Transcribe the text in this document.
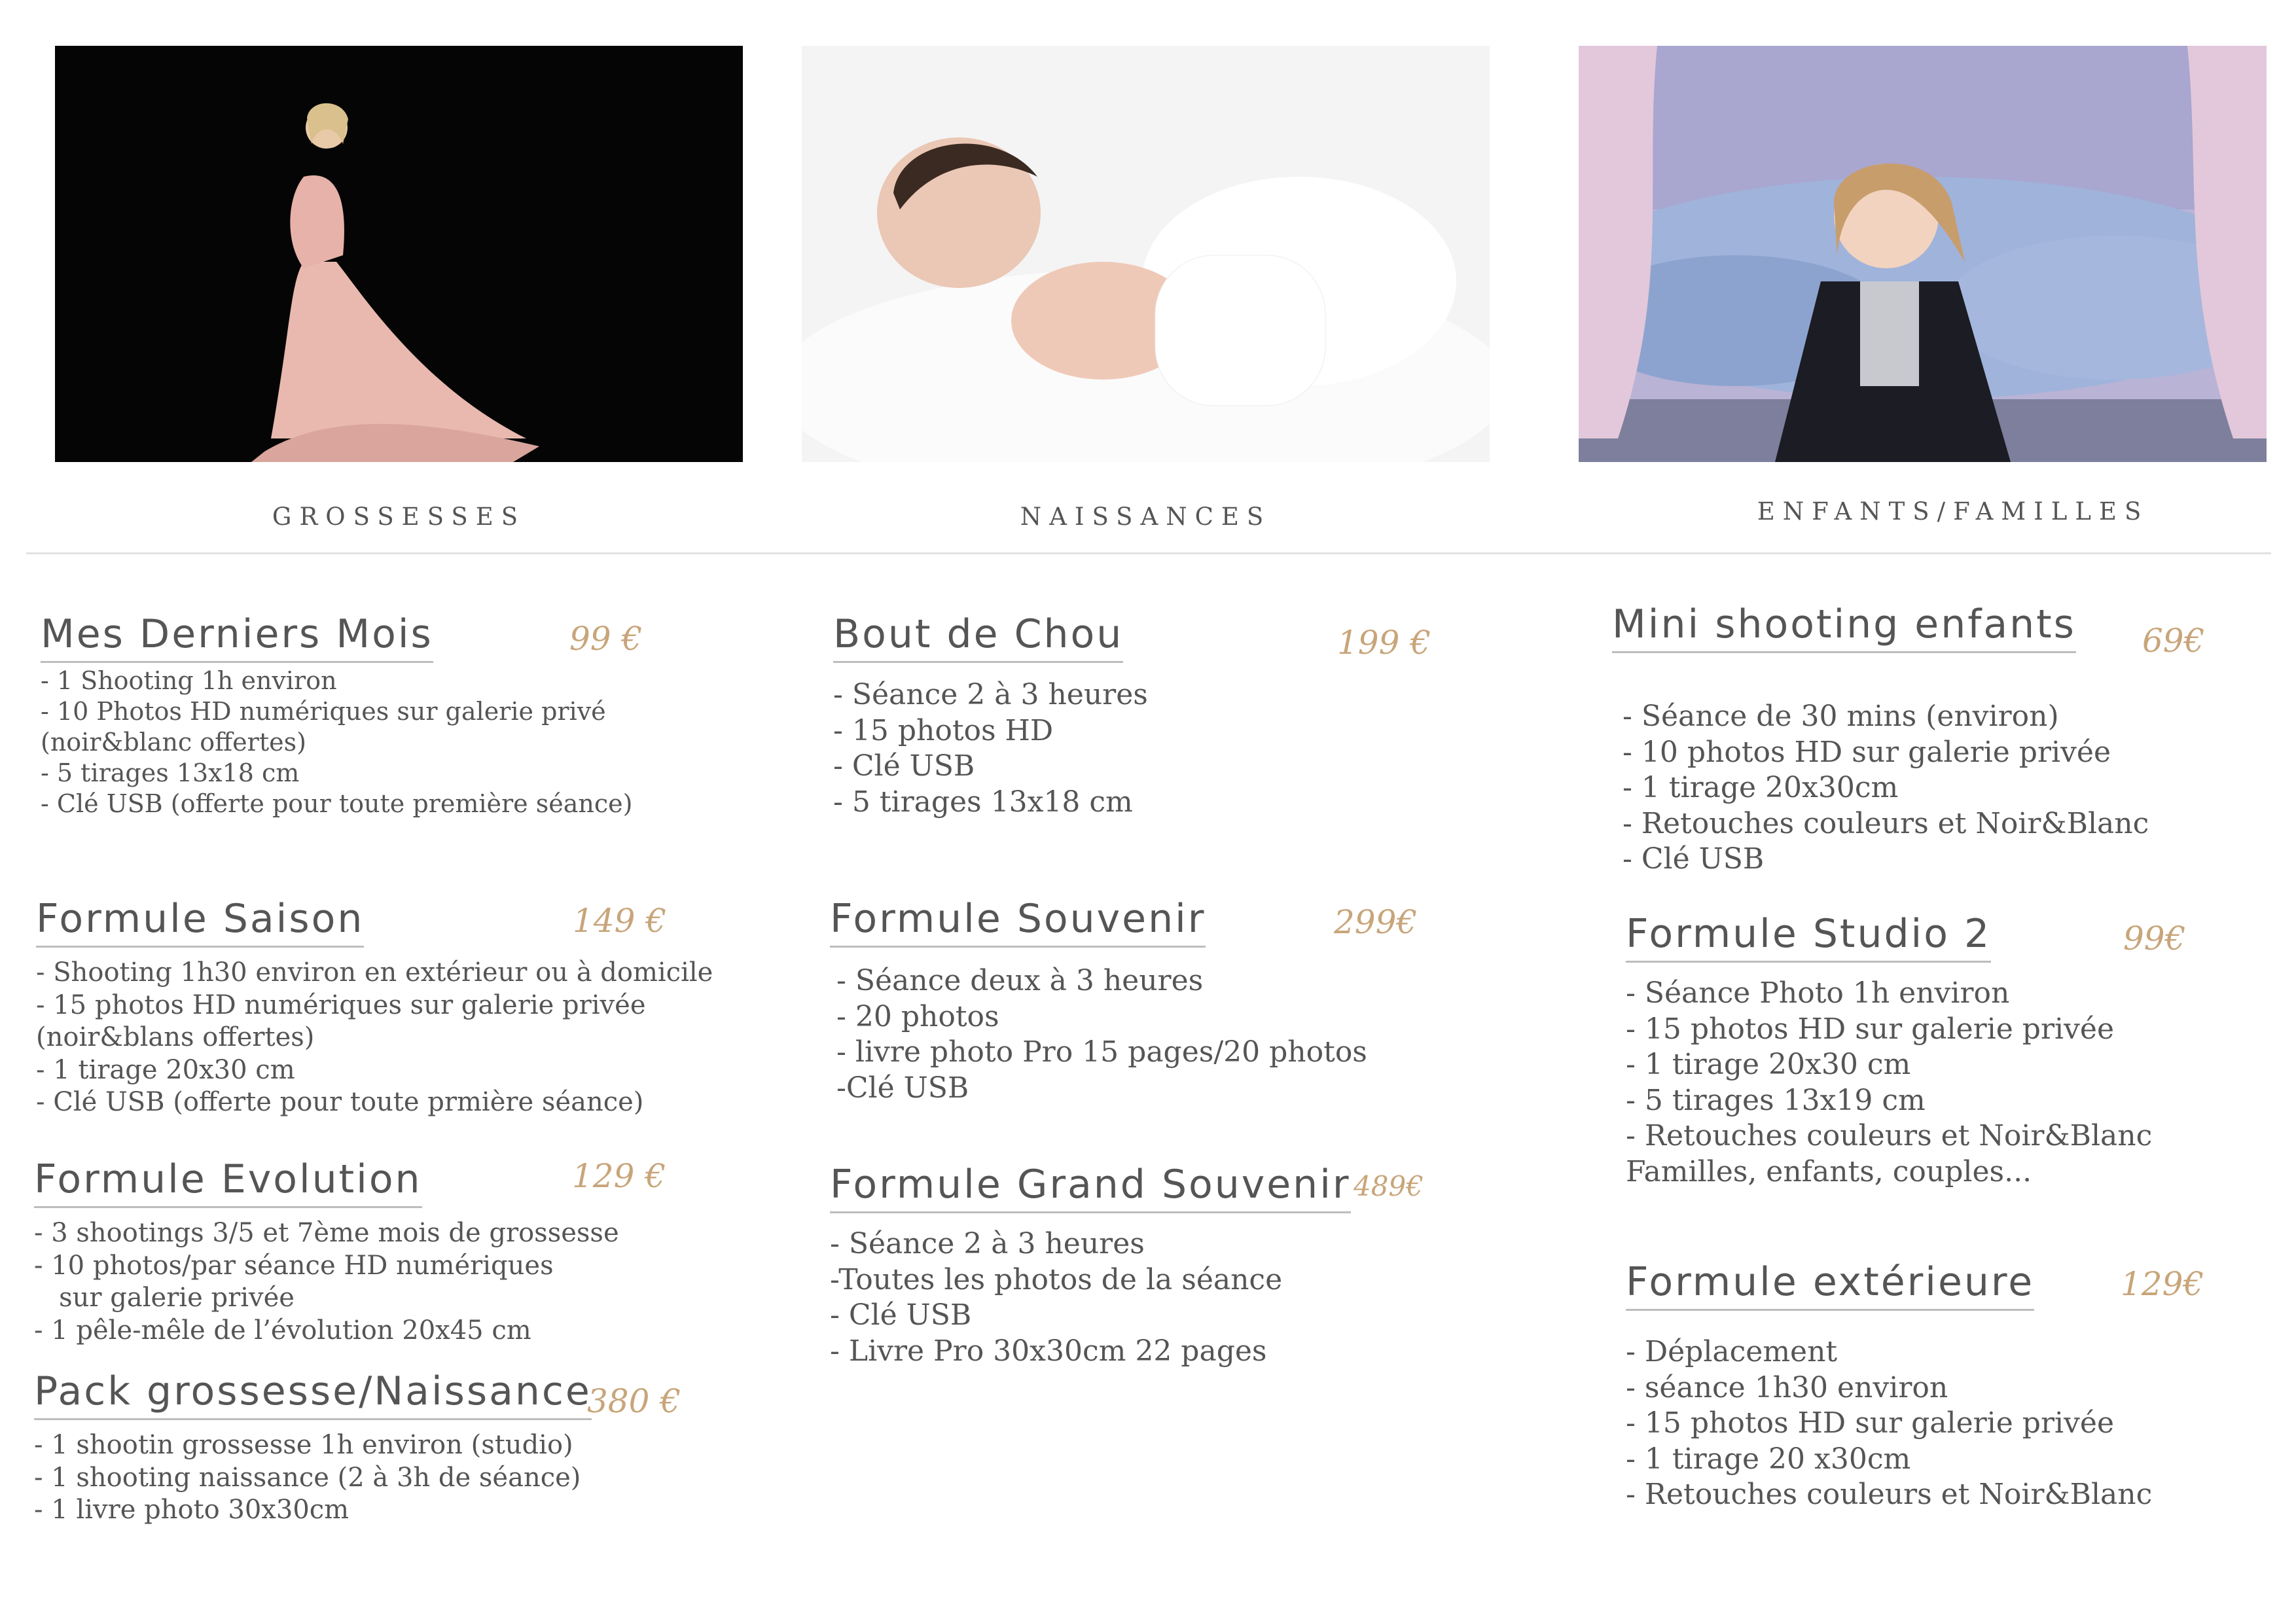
GROSSESSES	NAISSANCES	ENFANTS/FAMILLES
Mes Derniers Mois	99 €
- 1 Shooting 1h environ
- 10 Photos HD numériques sur galerie privé
(noir&blanc offertes)
- 5 tirages 13x18 cm
- Clé USB (offerte pour toute première séance)
Formule Saison	149 €
- Shooting 1h30 environ en extérieur ou à domicile
- 15 photos HD numériques sur galerie privée
(noir&blans offertes)
- 1 tirage 20x30 cm
- Clé USB (offerte pour toute prmière séance)
Formule Evolution	129 €
- 3 shootings 3/5 et 7ème mois de grossesse
- 10 photos/par séance HD numériques
sur galerie privée
- 1 pêle-mêle de l’évolution 20x45 cm
Pack grossesse/Naissance
380 €
- 1 shootin grossesse 1h environ (studio)
- 1 shooting naissance (2 à 3h de séance)
- 1 livre photo 30x30cm
Bout de Chou	199 €
- Séance 2 à 3 heures
- 15 photos HD
- Clé USB
- 5 tirages 13x18 cm
Formule Souvenir	299€
- Séance deux à 3 heures
- 20 photos
- livre photo Pro 15 pages/20 photos
-Clé USB
Formule Grand Souvenir 489€
- Séance 2 à 3 heures
-Toutes les photos de la séance
- Clé USB
- Livre Pro 30x30cm 22 pages
Mini shooting enfants 69€
- Séance de 30 mins (environ)
- 10 photos HD sur galerie privée
- 1 tirage 20x30cm
- Retouches couleurs et Noir&Blanc
- Clé USB
Formule Studio 2	99€
- Séance Photo 1h environ
- 15 photos HD sur galerie privée
- 1 tirage 20x30 cm
- 5 tirages 13x19 cm
- Retouches couleurs et Noir&Blanc
Familles, enfants, couples...
Formule extérieure	129€
- Déplacement
- séance 1h30 environ
- 15 photos HD sur galerie privée
- 1 tirage 20 x30cm
- Retouches couleurs et Noir&Blanc
